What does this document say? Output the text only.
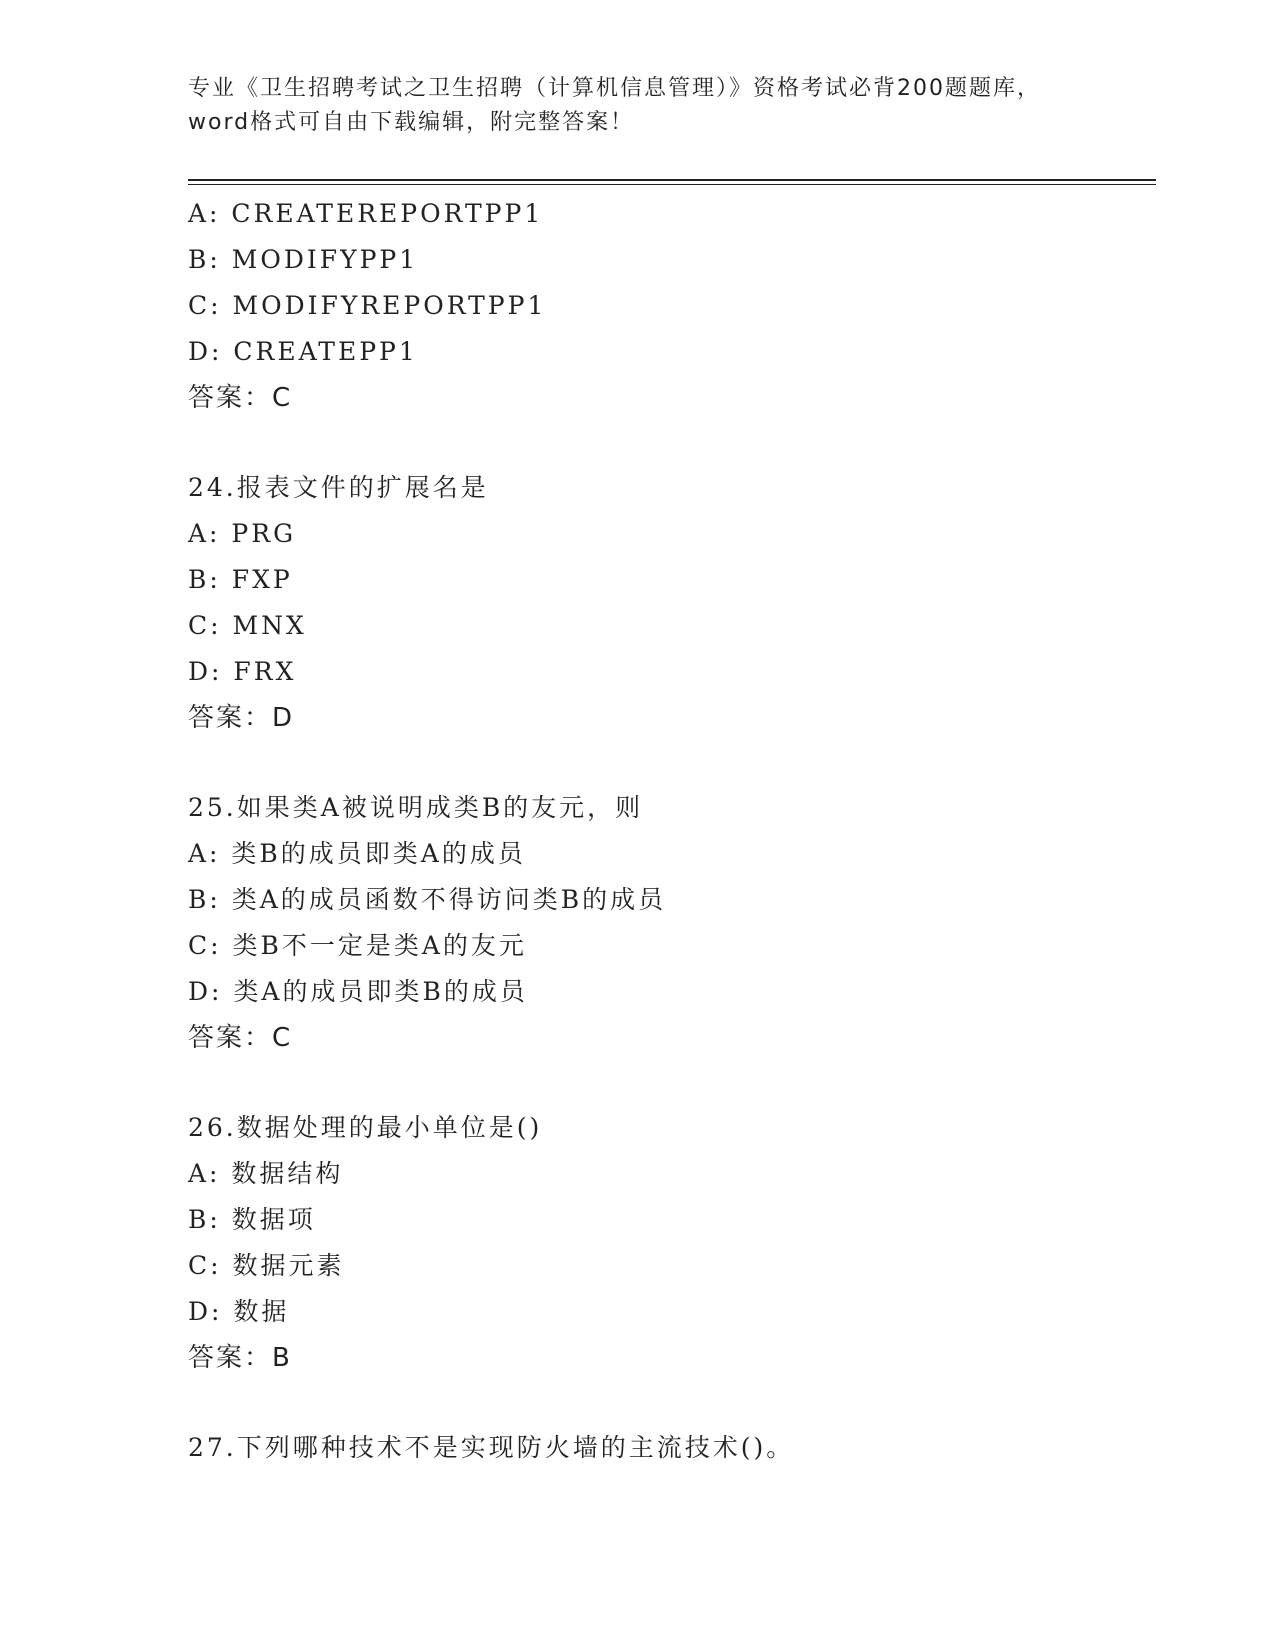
专业《卫生招聘考试之卫生招聘（计算机信息管理）》资格考试必背200题题库，
word格式可自由下载编辑，附完整答案！
A: CREATEREPORTPP1
B: MODIFYPP1
C: MODIFYREPORTPP1
D: CREATEPP1
答案：C
24.报表文件的扩展名是
A: PRG
B: FXP
C: MNX
D: FRX
答案：D
25.如果类A被说明成类B的友元，则
A: 类B的成员即类A的成员
B: 类A的成员函数不得访问类B的成员
C: 类B不一定是类A的友元
D: 类A的成员即类B的成员
答案：C
26.数据处理的最小单位是()
A: 数据结构
B: 数据项
C: 数据元素
D: 数据
答案：B
27.下列哪种技术不是实现防火墙的主流技术()。
